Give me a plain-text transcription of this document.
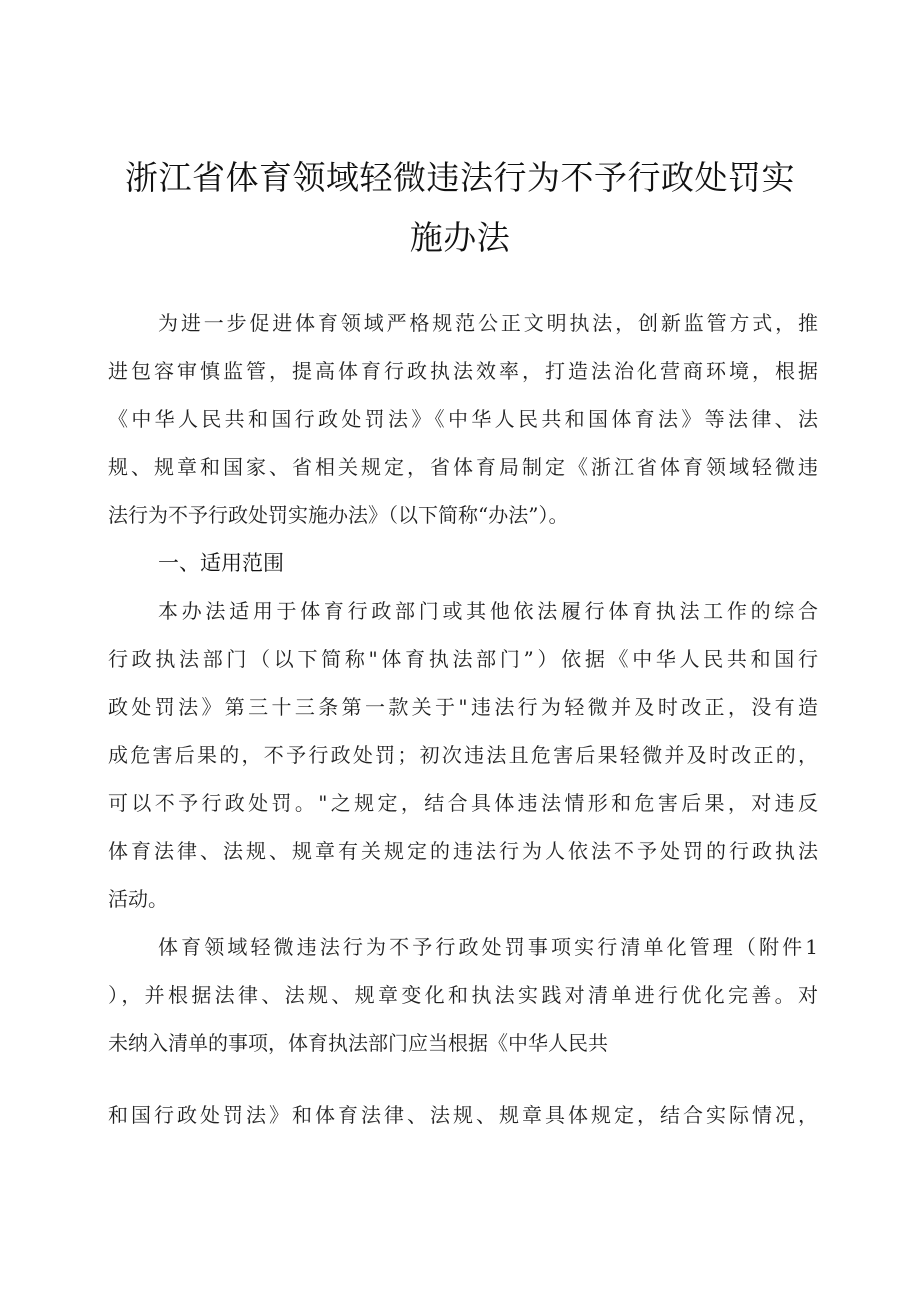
浙江省体育领域轻微违法行为不予行政处罚实
施办法
为进一步促进体育领域严格规范公正文明执法，创新监管方式，推
进包容审慎监管，提高体育行政执法效率，打造法治化营商环境，根据
《中华人民共和国行政处罚法》《中华人民共和国体育法》等法律、法
规、规章和国家、省相关规定，省体育局制定《浙江省体育领域轻微违
法行为不予行政处罚实施办法》（以下简称“办法”）。
一、适用范围
本办法适用于体育行政部门或其他依法履行体育执法工作的综合
行政执法部门（以下简称"体育执法部门”）依据《中华人民共和国行
政处罚法》第三十三条第一款关于"违法行为轻微并及时改正，没有造
成危害后果的，不予行政处罚；初次违法且危害后果轻微并及时改正的，
可以不予行政处罚。"之规定，结合具体违法情形和危害后果，对违反
体育法律、法规、规章有关规定的违法行为人依法不予处罚的行政执法
活动。
体育领域轻微违法行为不予行政处罚事项实行清单化管理（附件1
），并根据法律、法规、规章变化和执法实践对清单进行优化完善。对
未纳入清单的事项，体育执法部门应当根据《中华人民共
和国行政处罚法》和体育法律、法规、规章具体规定，结合实际情况，
